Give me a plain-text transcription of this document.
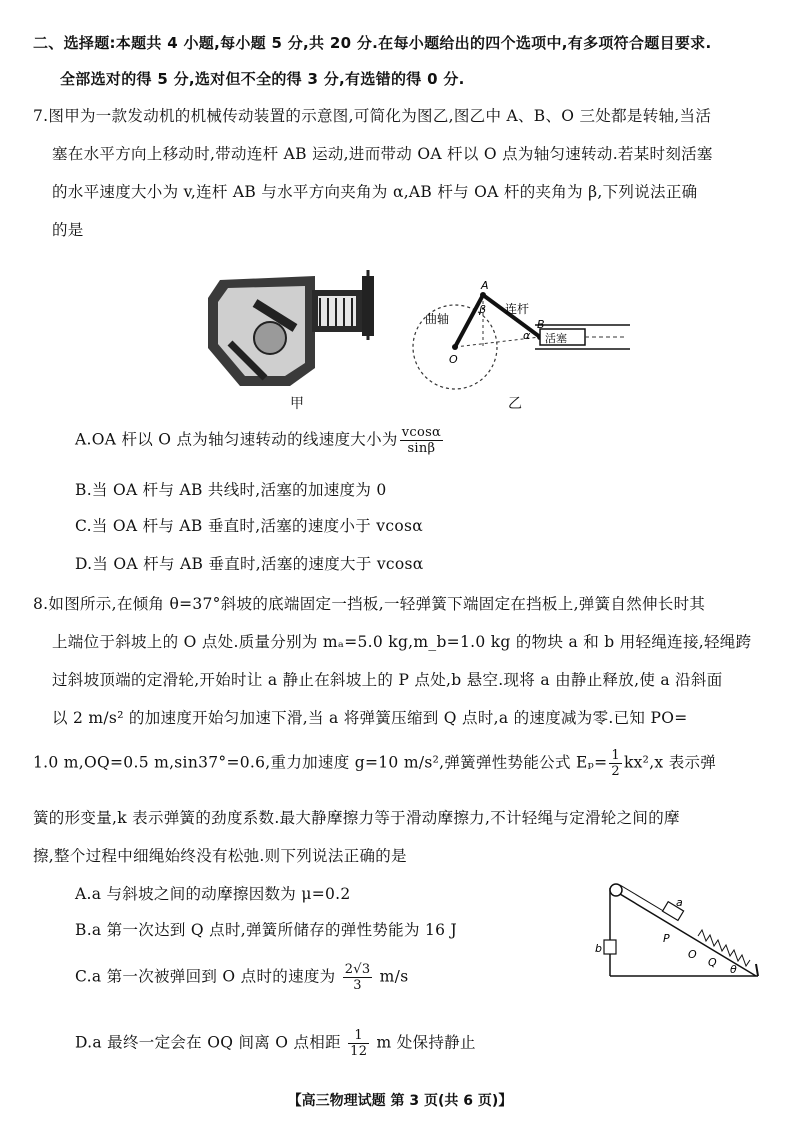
二、选择题:本题共 4 小题,每小题 5 分,共 20 分.在每小题给出的四个选项中,有多项符合题目要求.
全部选对的得 5 分,选对但不全的得 3 分,有选错的得 0 分.
7.图甲为一款发动机的机械传动装置的示意图,可简化为图乙,图乙中 A、B、O 三处都是转轴,当活
塞在水平方向上移动时,带动连杆 AB 运动,进而带动 OA 杆以 O 点为轴匀速转动.若某时刻活塞
的水平速度大小为 v,连杆 AB 与水平方向夹角为 α,AB 杆与 OA 杆的夹角为 β,下列说法正确
的是
甲
曲轴
连杆
活塞
A
B
O
α
β
乙
A.OA 杆以 O 点为轴匀速转动的线速度大小为 $\frac{vcos\alpha}{\sin\beta}$
B.当 OA 杆与 AB 共线时,活塞的加速度为 0
C.当 OA 杆与 AB 垂直时,活塞的速度小于 vcosα
D.当 OA 杆与 AB 垂直时,活塞的速度大于 vcosα
8.如图所示,在倾角 θ=37°斜坡的底端固定一挡板,一轻弹簧下端固定在挡板上,弹簧自然伸长时其
上端位于斜坡上的 O 点处.质量分别为 mₐ=5.0 kg,m_b=1.0 kg 的物块 a 和 b 用轻绳连接,轻绳跨
过斜坡顶端的定滑轮,开始时让 a 静止在斜坡上的 P 点处,b 悬空.现将 a 由静止释放,使 a 沿斜面
以 2 m/s² 的加速度开始匀加速下滑,当 a 将弹簧压缩到 Q 点时,a 的速度减为零.已知 PO=
1.0 m,OQ=0.5 m,sin37°=0.6,重力加速度 g=10 m/s²,弹簧弹性势能公式 $E_p= \frac{1}{2} kx^2,x$ 表示弹
簧的形变量,k 表示弹簧的劲度系数.最大静摩擦力等于滑动摩擦力,不计轻绳与定滑轮之间的摩
擦,整个过程中细绳始终没有松弛.则下列说法正确的是
A.a 与斜坡之间的动摩擦因数为 μ=0.2
B.a 第一次达到 Q 点时,弹簧所储存的弹性势能为 16 J
C.a 第一次被弹回到 O 点时的速度为 $\frac{2√3}{3} m/s$
D.a 最终一定会在 OQ 间离 O 点相距 $\frac{1}{12}$ m 处保持静止
b
a
P
O
Q
θ
【高三物理试题 第 3 页(共 6 页)】
